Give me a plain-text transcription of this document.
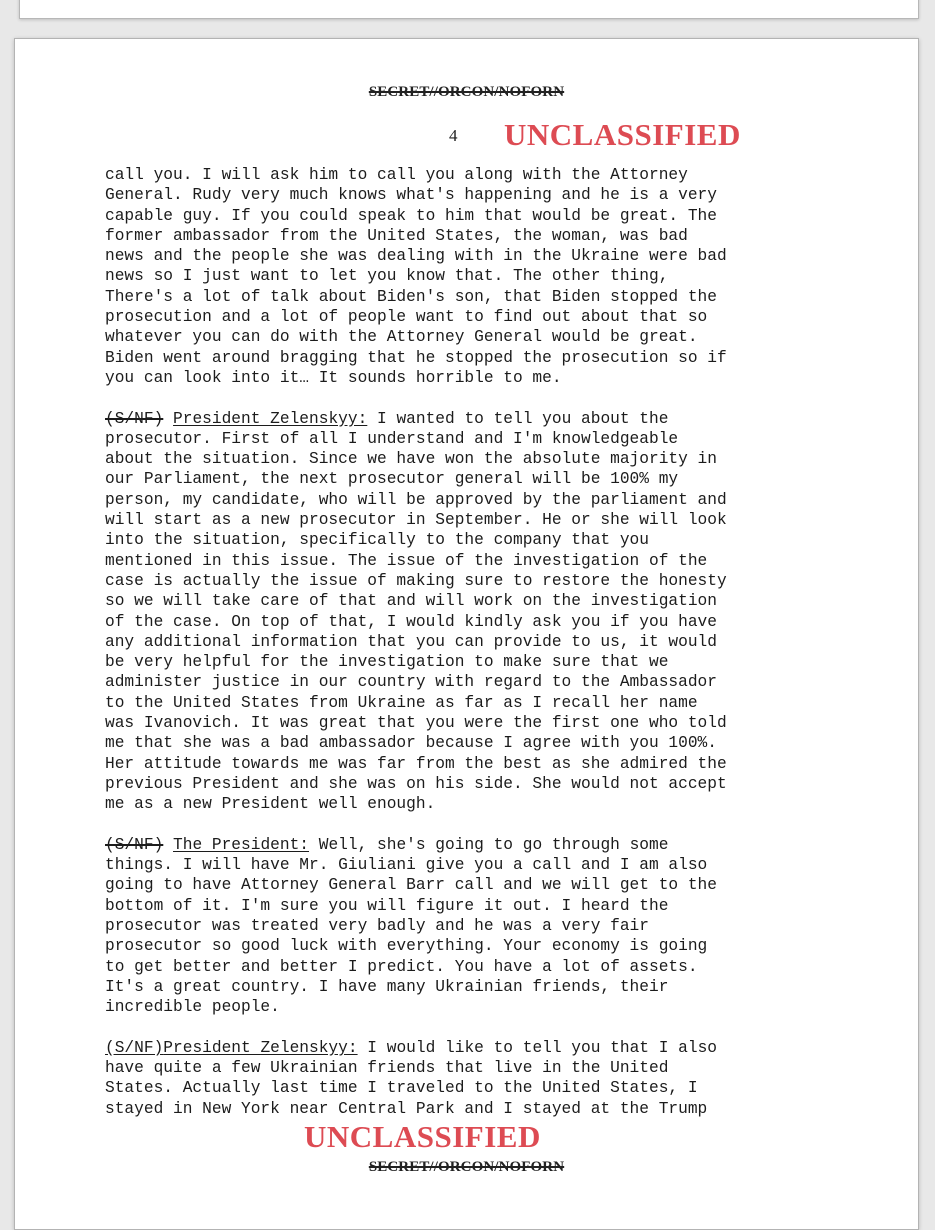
SECRET//ORCON/NOFORN
4 UNCLASSIFIED
call you. I will ask him to call you along with the Attorney
General. Rudy very much knows what's happening and he is a very
capable guy. If you could speak to him that would be great. The
former ambassador from the United States, the woman, was bad
news and the people she was dealing with in the Ukraine were bad
news so I just want to let you know that. The other thing,
There's a lot of talk about Biden's son, that Biden stopped the
prosecution and a lot of people want to find out about that so
whatever you can do with the Attorney General would be great.
Biden went around bragging that he stopped the prosecution so if
you can look into it… It sounds horrible to me.
(S/NF) President Zelenskyy: I wanted to tell you about the
prosecutor. First of all I understand and I'm knowledgeable
about the situation. Since we have won the absolute majority in
our Parliament, the next prosecutor general will be 100% my
person, my candidate, who will be approved by the parliament and
will start as a new prosecutor in September. He or she will look
into the situation, specifically to the company that you
mentioned in this issue. The issue of the investigation of the
case is actually the issue of making sure to restore the honesty
so we will take care of that and will work on the investigation
of the case. On top of that, I would kindly ask you if you have
any additional information that you can provide to us, it would
be very helpful for the investigation to make sure that we
administer justice in our country with regard to the Ambassador
to the United States from Ukraine as far as I recall her name
was Ivanovich. It was great that you were the first one who told
me that she was a bad ambassador because I agree with you 100%.
Her attitude towards me was far from the best as she admired the
previous President and she was on his side. She would not accept
me as a new President well enough.
(S/NF) The President: Well, she's going to go through some
things. I will have Mr. Giuliani give you a call and I am also
going to have Attorney General Barr call and we will get to the
bottom of it. I'm sure you will figure it out. I heard the
prosecutor was treated very badly and he was a very fair
prosecutor so good luck with everything. Your economy is going
to get better and better I predict. You have a lot of assets.
It's a great country. I have many Ukrainian friends, their
incredible people.
(S/NF)President Zelenskyy: I would like to tell you that I also
have quite a few Ukrainian friends that live in the United
States. Actually last time I traveled to the United States, I
stayed in New York near Central Park and I stayed at the Trump
UNCLASSIFIED
SECRET//ORCON/NOFORN
